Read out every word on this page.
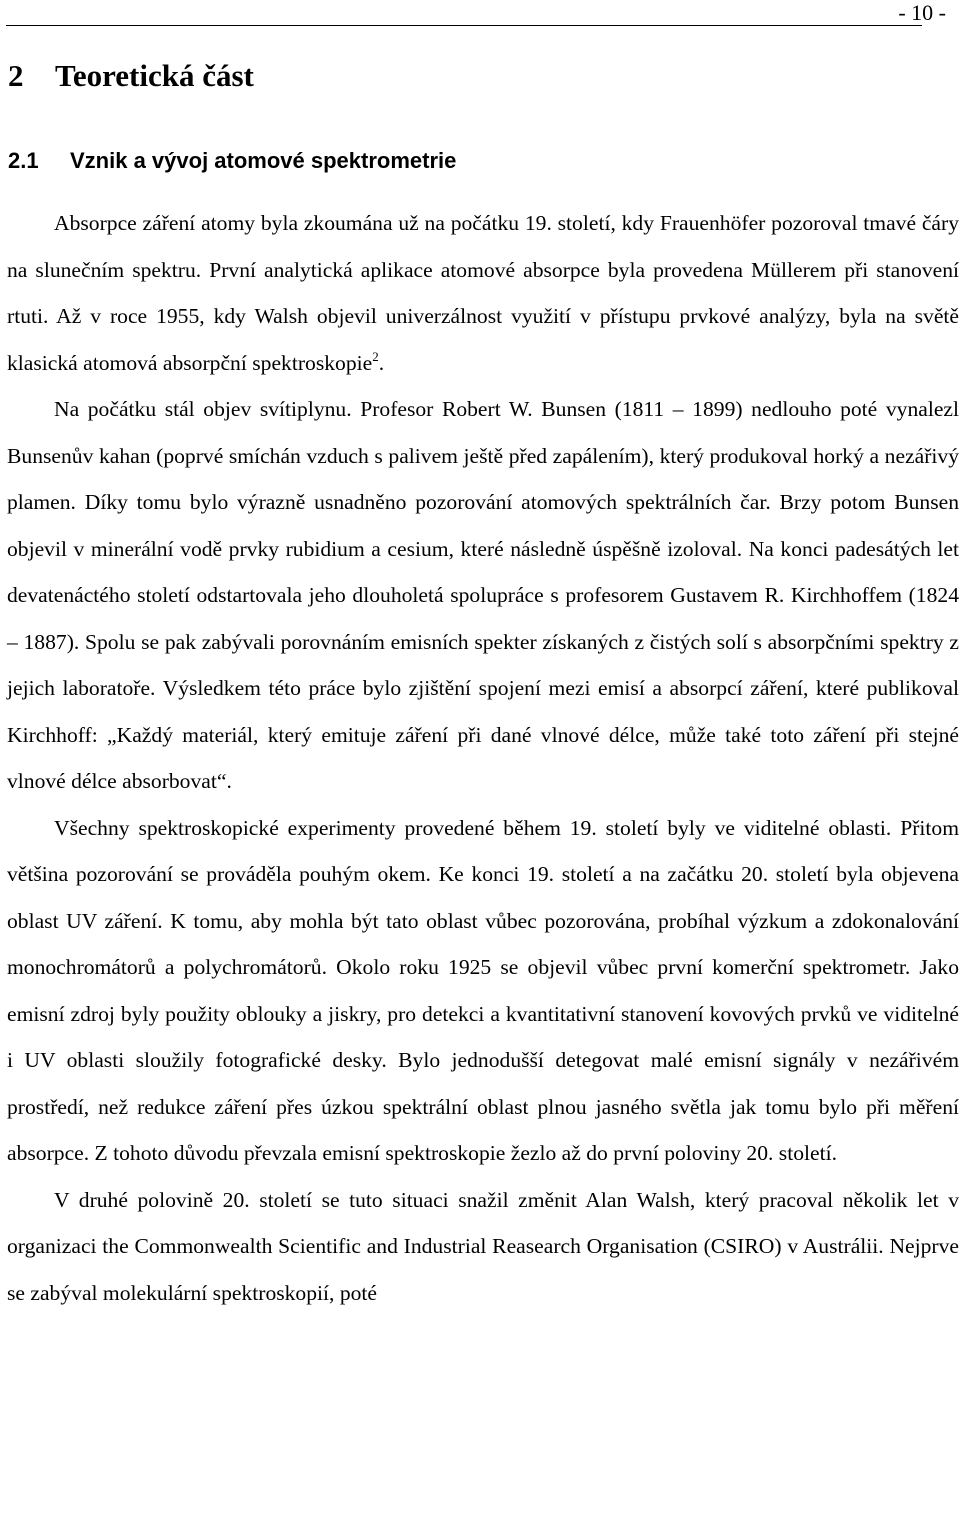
- 10 -
2 Teoretická část
2.1 Vznik a vývoj atomové spektrometrie

Absorpce záření atomy byla zkoumána už na počátku 19. století, kdy Frauenhöfer pozoroval tmavé čáry na slunečním spektru. První analytická aplikace atomové absorpce byla provedena Müllerem při stanovení rtuti. Až v roce 1955, kdy Walsh objevil univerzálnost využití v přístupu prvkové analýzy, byla na světě klasická atomová absorpční spektroskopie$^2$.

Na počátku stál objev svítiplynu. Profesor Robert W. Bunsen (1811 – 1899) nedlouho poté vynalezl Bunsenův kahan (poprvé smíchán vzduch s palivem ještě před zapálením), který produkoval horký a nezářivý plamen. Díky tomu bylo výrazně usnadněno pozorování atomových spektrálních čar. Brzy potom Bunsen objevil v minerální vodě prvky rubidium a cesium, které následně úspěšně izoloval. Na konci padesátých let devatenáctého století odstartovala jeho dlouholetá spolupráce s profesorem Gustavem R. Kirchhoffem (1824 – 1887). Spolu se pak zabývali porovnáním emisních spekter získaných z čistých solí s absorpčními spektry z jejich laboratoře. Výsledkem této práce bylo zjištění spojení mezi emisí a absorpcí záření, které publikoval Kirchhoff: „Každý materiál, který emituje záření při dané vlnové délce, může také toto záření při stejné vlnové délce absorbovat“.

Všechny spektroskopické experimenty provedené během 19. století byly ve viditelné oblasti. Přitom většina pozorování se prováděla pouhým okem. Ke konci 19. století a na začátku 20. století byla objevena oblast UV záření. K tomu, aby mohla být tato oblast vůbec pozorována, probíhal výzkum a zdokonalování monochromátorů a polychromátorů. Okolo roku 1925 se objevil vůbec první komerční spektrometr. Jako emisní zdroj byly použity oblouky a jiskry, pro detekci a kvantitativní stanovení kovových prvků ve viditelné i UV oblasti sloužily fotografické desky. Bylo jednodušší detegovat malé emisní signály v nezářivém prostředí, než redukce záření přes úzkou spektrální oblast plnou jasného světla jak tomu bylo při měření absorpce. Z tohoto důvodu převzala emisní spektroskopie žezlo až do první poloviny 20. století.

V druhé polovině 20. století se tuto situaci snažil změnit Alan Walsh, který pracoval několik let v organizaci the Commonwealth Scientific and Industrial Reasearch Organisation (CSIRO) v Austrálii. Nejprve se zabýval molekulární spektroskopií, poté
